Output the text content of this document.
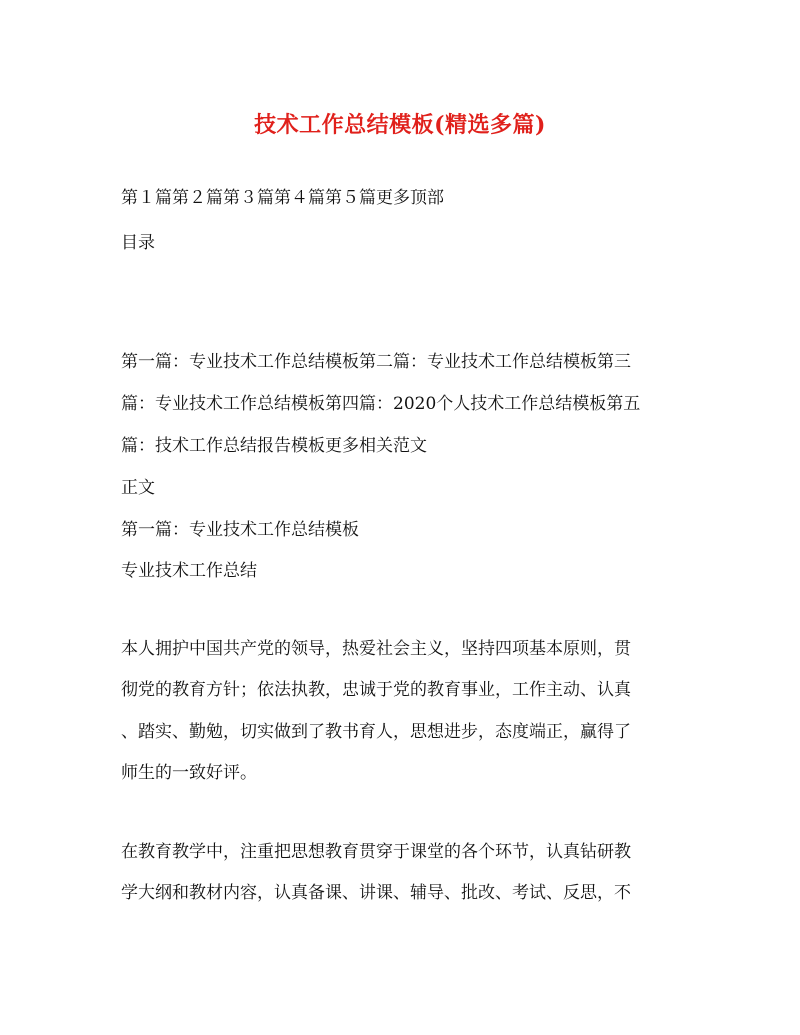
技术工作总结模板(精选多篇)
第１篇第２篇第３篇第４篇第５篇更多顶部
目录
第一篇：专业技术工作总结模板第二篇：专业技术工作总结模板第三
篇：专业技术工作总结模板第四篇：2020个人技术工作总结模板第五
篇：技术工作总结报告模板更多相关范文
正文
第一篇：专业技术工作总结模板
专业技术工作总结
本人拥护中国共产党的领导，热爱社会主义，坚持四项基本原则，贯
彻党的教育方针；依法执教，忠诚于党的教育事业，工作主动、认真
、踏实、勤勉，切实做到了教书育人，思想进步，态度端正，赢得了
师生的一致好评。
在教育教学中，注重把思想教育贯穿于课堂的各个环节，认真钻研教
学大纲和教材内容，认真备课、讲课、辅导、批改、考试、反思，不
